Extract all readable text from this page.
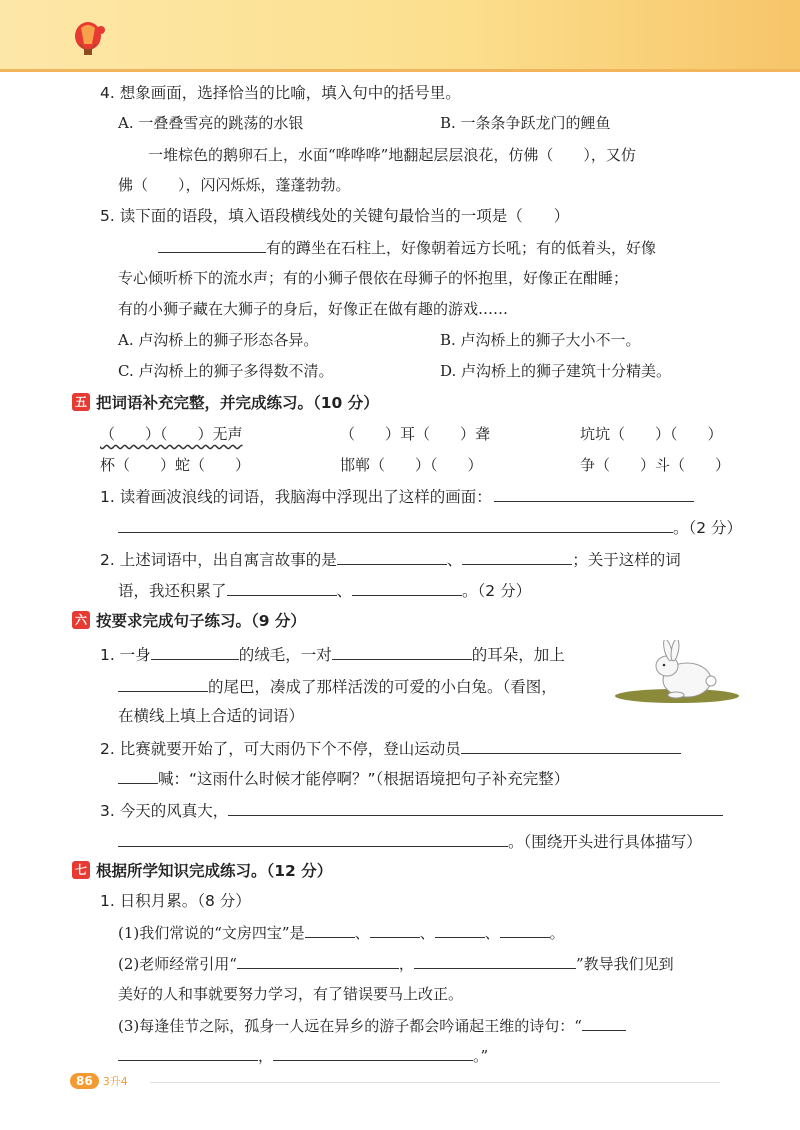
4. 想象画面，选择恰当的比喻，填入句中的括号里。
A. 一叠叠雪亮的跳荡的水银	B. 一条条争跃龙门的鲤鱼
一堆棕色的鹅卵石上，水面“哗哗哗”地翻起层层浪花，仿佛（　　），又仿
佛（　　），闪闪烁烁，蓬蓬勃勃。
5. 读下面的语段，填入语段横线处的关键句最恰当的一项是（　　）
有的蹲坐在石柱上，好像朝着远方长吼；有的低着头，好像
专心倾听桥下的流水声；有的小狮子偎依在母狮子的怀抱里，好像正在酣睡；
有的小狮子藏在大狮子的身后，好像正在做有趣的游戏……
A. 卢沟桥上的狮子形态各异。	B. 卢沟桥上的狮子大小不一。
C. 卢沟桥上的狮子多得数不清。	D. 卢沟桥上的狮子建筑十分精美。
五 把词语补充完整，并完成练习。（10 分）
（　　）（　　）无声	（　　）耳（　　）聋	坑坑（　　）（　　）
杯（　　）蛇（　　）	邯郸（　　）（　　）	争（　　）斗（　　）
1. 读着画波浪线的词语，我脑海中浮现出了这样的画面：
。（2 分）
2. 上述词语中，出自寓言故事的是	、	；关于这样的词
语，我还积累了	、	。（2 分）
六 按要求完成句子练习。（9 分）
1. 一身	的绒毛，一对	的耳朵，加上
的尾巴，凑成了那样活泼的可爱的小白兔。（看图，
在横线上填上合适的词语）
2. 比赛就要开始了，可大雨仍下个不停，登山运动员
喊：“这雨什么时候才能停啊？”（根据语境把句子补充完整）
3. 今天的风真大，
。（围绕开头进行具体描写）
七 根据所学知识完成练习。（12 分）
1. 日积月累。（8 分）
(1)我们常说的“文房四宝”是	、	、	、	。
(2)老师经常引用“	，	”教导我们见到
美好的人和事就要努力学习，有了错误要马上改正。
(3)每逢佳节之际，孤身一人远在异乡的游子都会吟诵起王维的诗句：“
，	。”
86 3升4
